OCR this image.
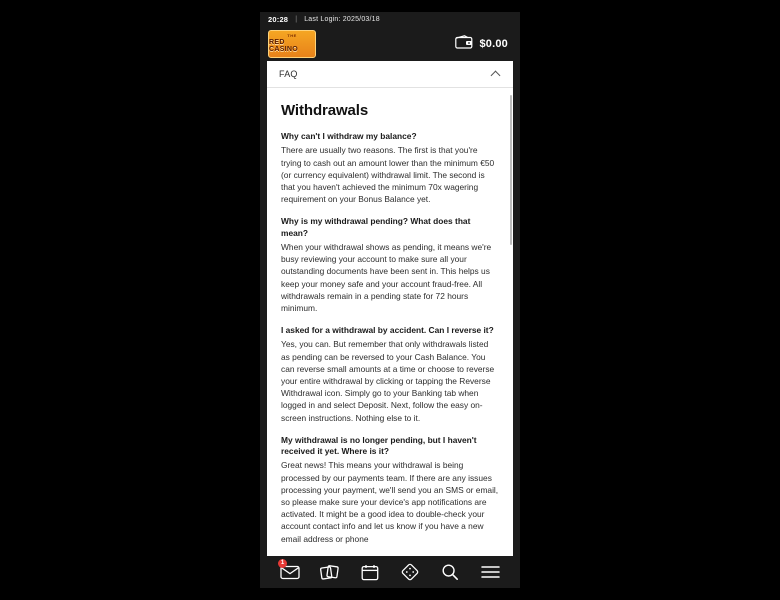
20:28 | Last Login: 2025/03/18
THE
RED CASINO	$0.00
FAQ
Withdrawals

Why can't I withdraw my balance?

There are usually two reasons. The first is that you're trying to cash out an amount lower than the minimum €50 (or currency equivalent) withdrawal limit. The second is that you haven't achieved the minimum 70x wagering requirement on your Bonus Balance yet.

Why is my withdrawal pending? What does that mean?

When your withdrawal shows as pending, it means we're busy reviewing your account to make sure all your outstanding documents have been sent in. This helps us keep your money safe and your account fraud-free. All withdrawals remain in a pending state for 72 hours minimum.

I asked for a withdrawal by accident. Can I reverse it?

Yes, you can. But remember that only withdrawals listed as pending can be reversed to your Cash Balance. You can reverse small amounts at a time or choose to reverse your entire withdrawal by clicking or tapping the Reverse Withdrawal icon. Simply go to your Banking tab when logged in and select Deposit. Next, follow the easy on-screen instructions. Nothing else to it.

My withdrawal is no longer pending, but I haven't received it yet. Where is it?

Great news! This means your withdrawal is being processed by our payments team. If there are any issues processing your payment, we'll send you an SMS or email, so please make sure your device's app notifications are activated. It might be a good idea to double-check your account contact info and let us know if you have a new email address or phone

1
